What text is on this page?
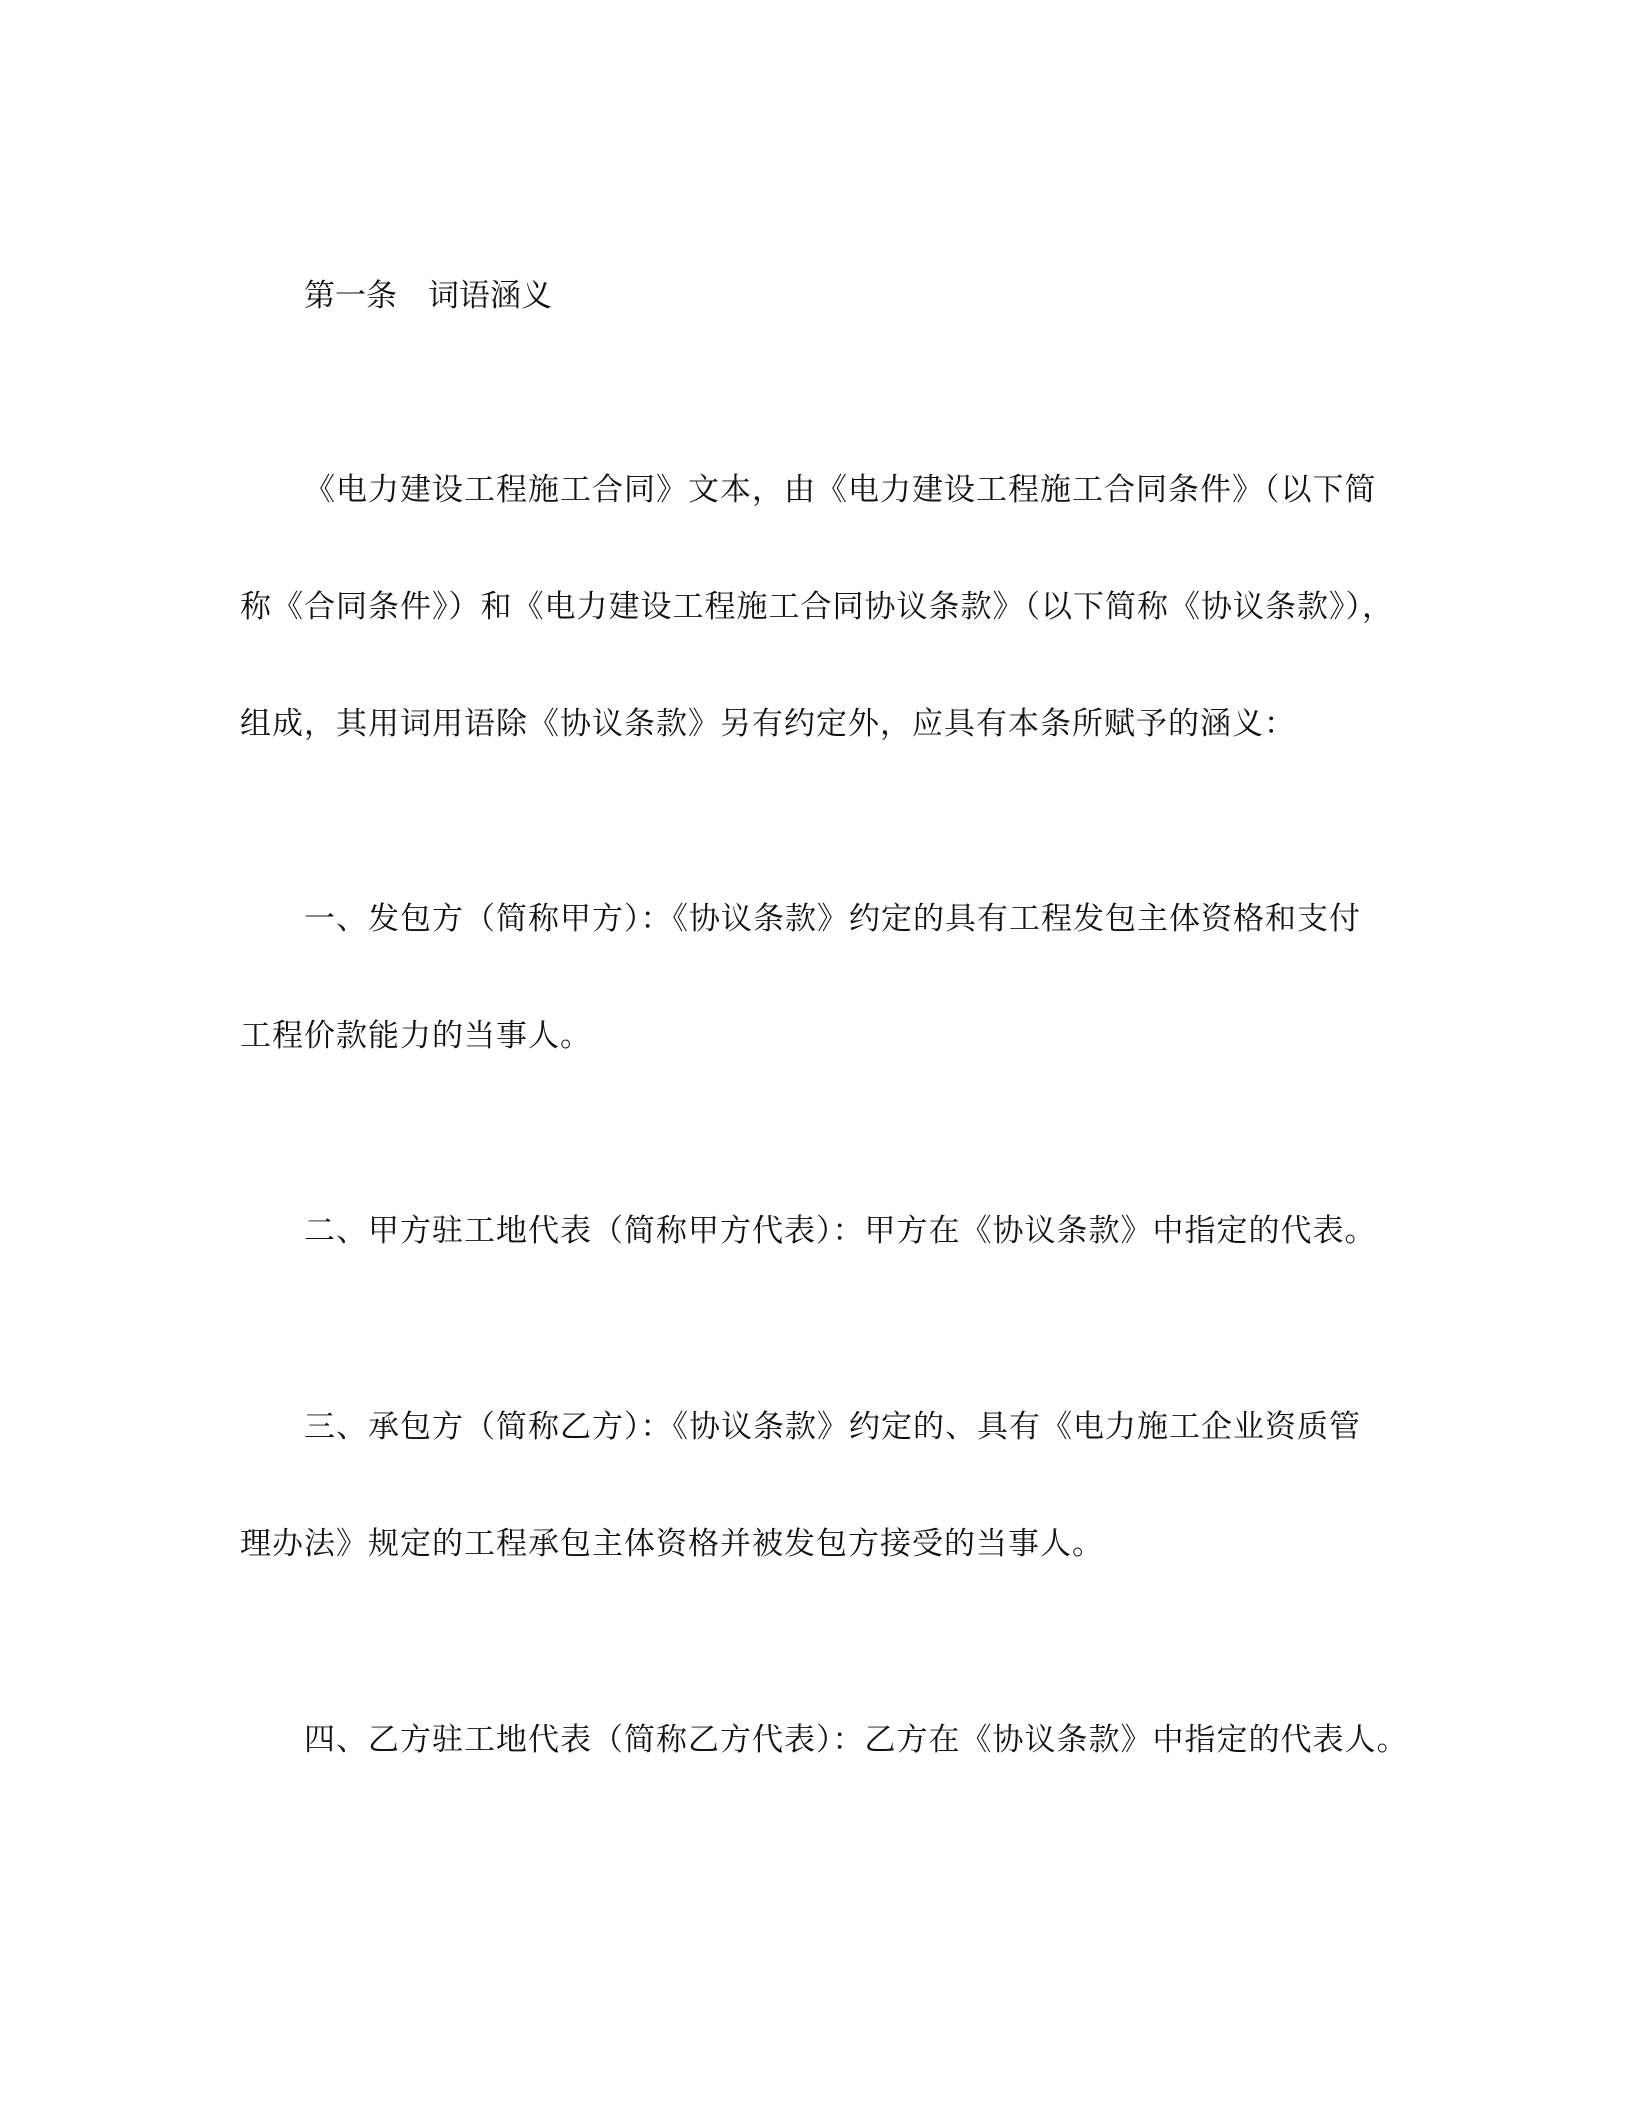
第一条 词语涵义
《电力建设工程施工合同》文本，由《电力建设工程施工合同条件》（以下简
称《合同条件》）和《电力建设工程施工合同协议条款》（以下简称《协议条款》），
组成，其用词用语除《协议条款》另有约定外，应具有本条所赋予的涵义：
一、发包方（简称甲方）：《协议条款》约定的具有工程发包主体资格和支付
工程价款能力的当事人。
二、甲方驻工地代表（简称甲方代表）：甲方在《协议条款》中指定的代表。
三、承包方（简称乙方）：《协议条款》约定的、具有《电力施工企业资质管
理办法》规定的工程承包主体资格并被发包方接受的当事人。
四、乙方驻工地代表（简称乙方代表）：乙方在《协议条款》中指定的代表人。
